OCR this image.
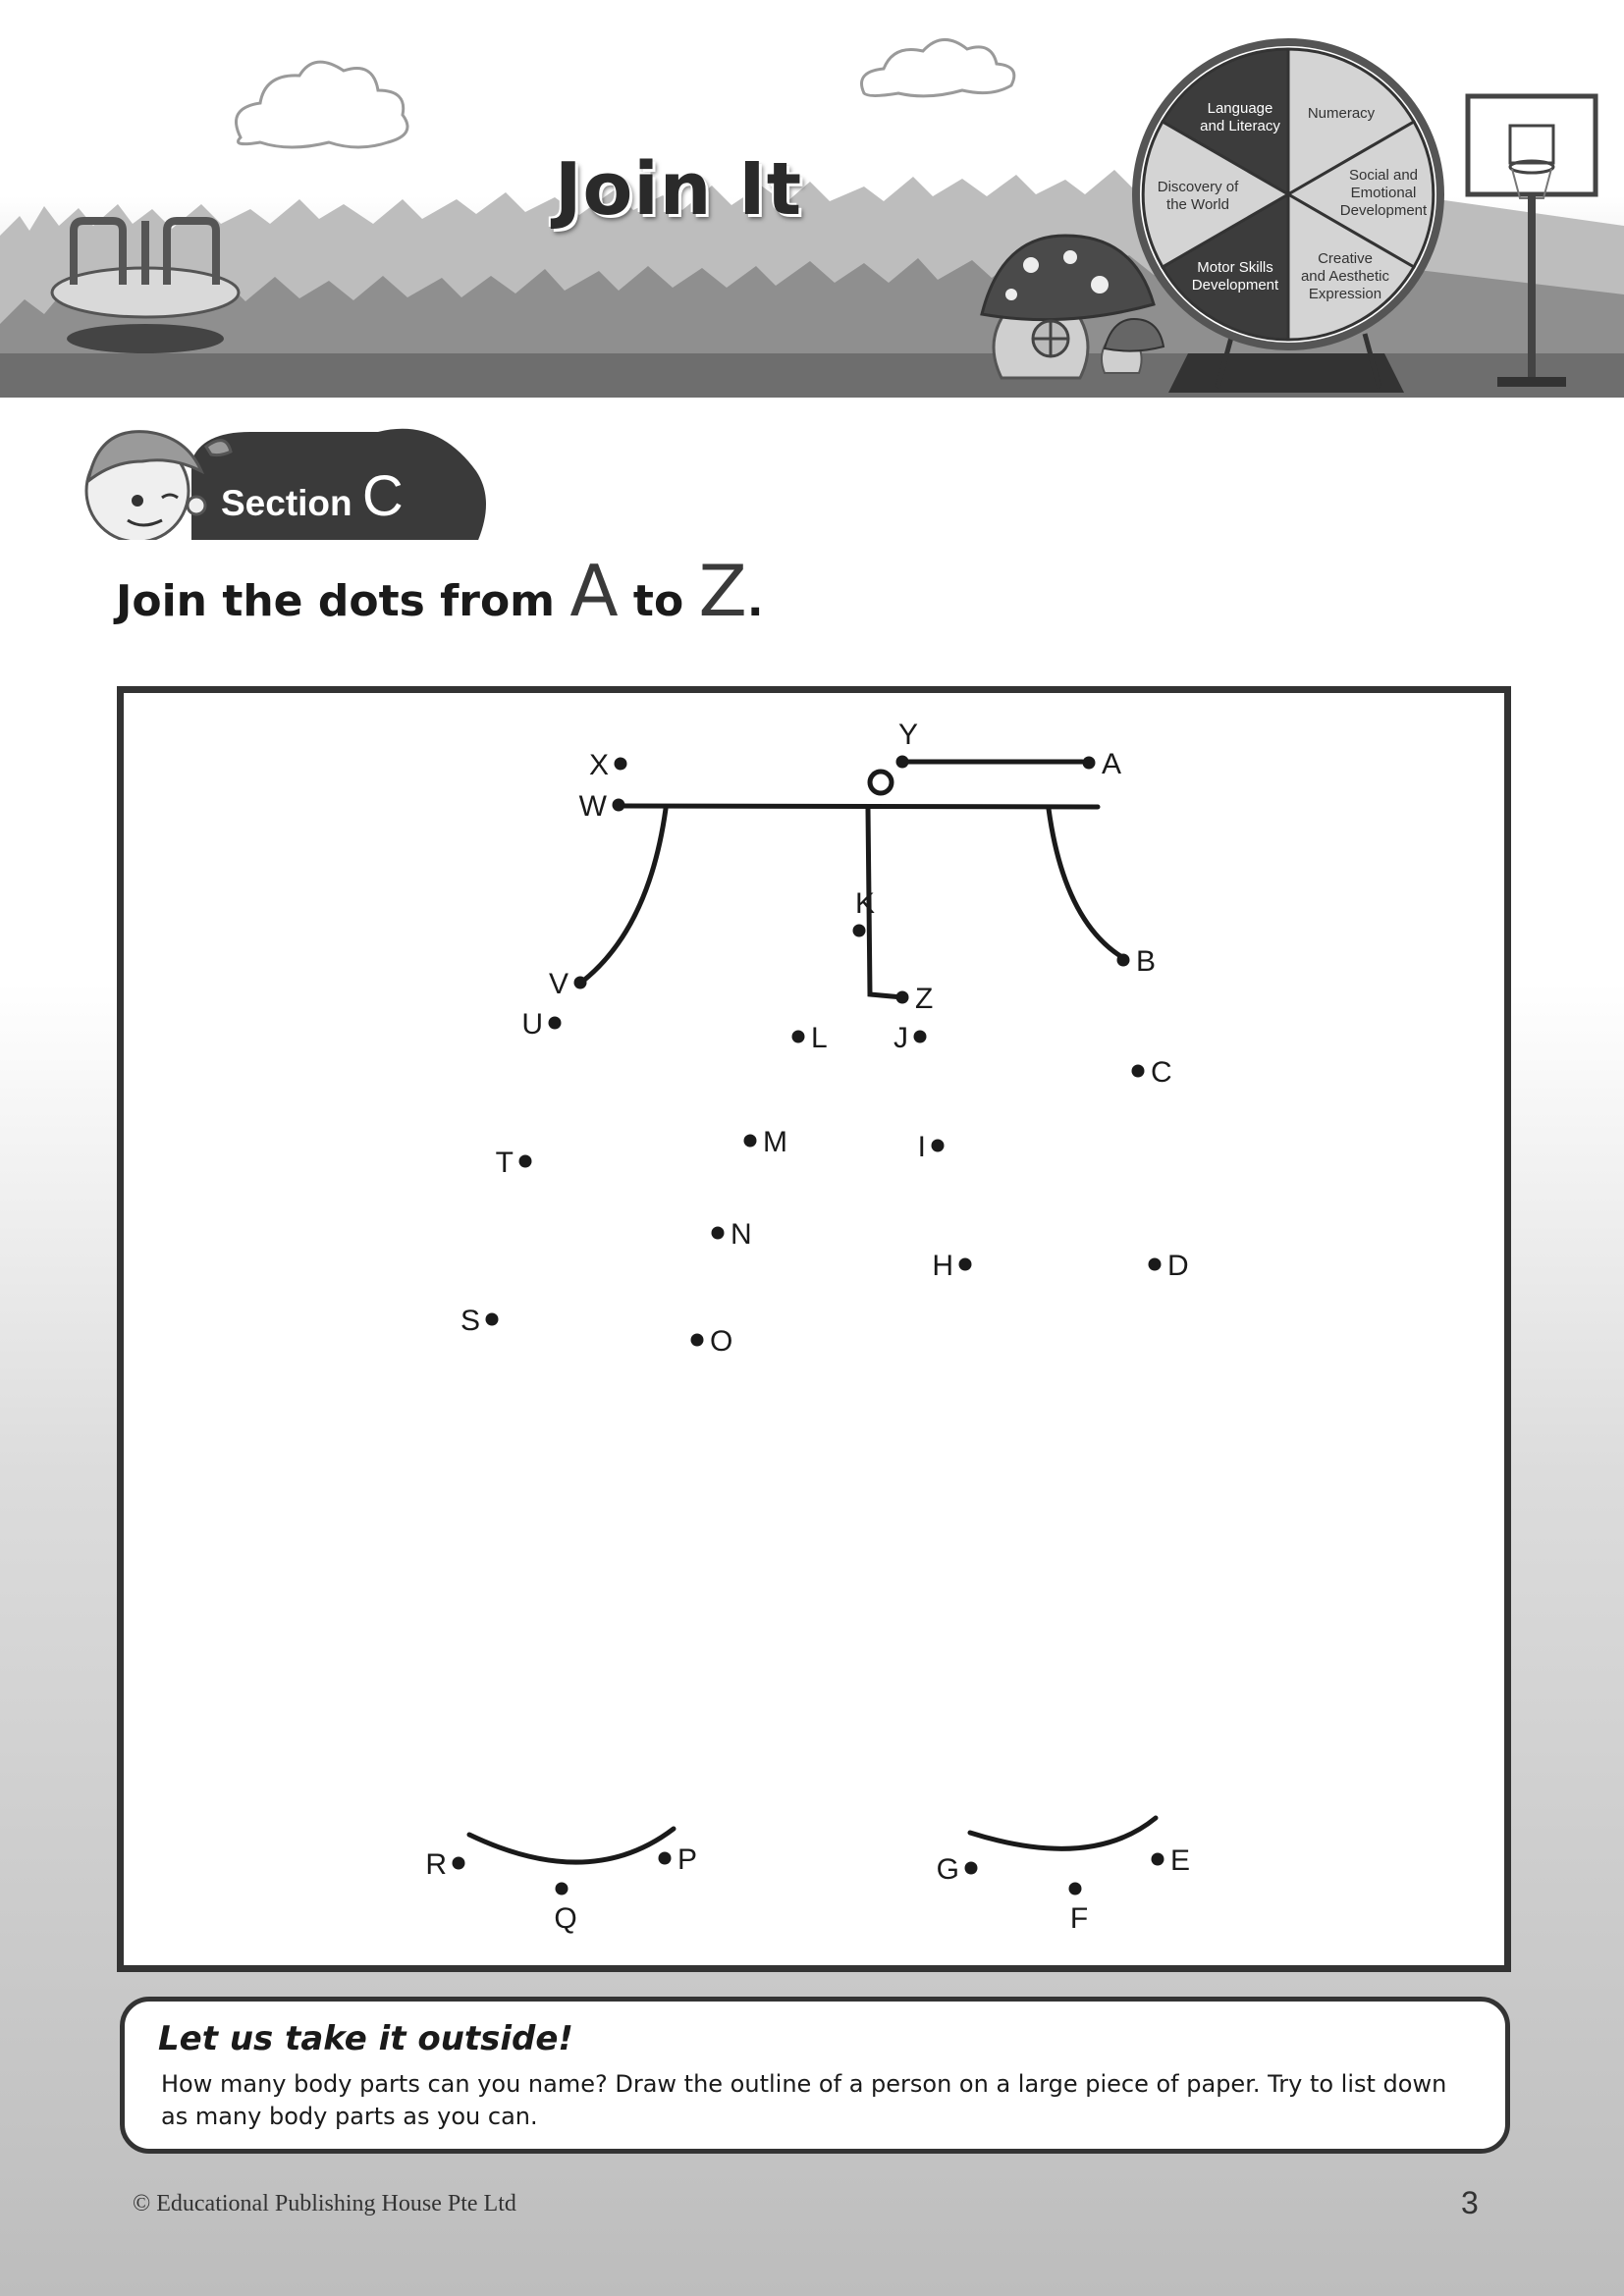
Join It
Language
and Literacy
Numeracy
Social and
Emotional
Development
Creative
and Aesthetic
Expression
Motor Skills
Development
Discovery of
the World
Section C
Join the dots from A to Z.
A
B
C
D
E
F
G
H
I
J
K
L
M
N
O
P
Q
R
S
T
U
V
W
X
Y
Z
Let us take it outside!
How many body parts can you name? Draw the outline of a person on a large piece of paper. Try to list down as many body parts as you can.
© Educational Publishing House Pte Ltd	3
